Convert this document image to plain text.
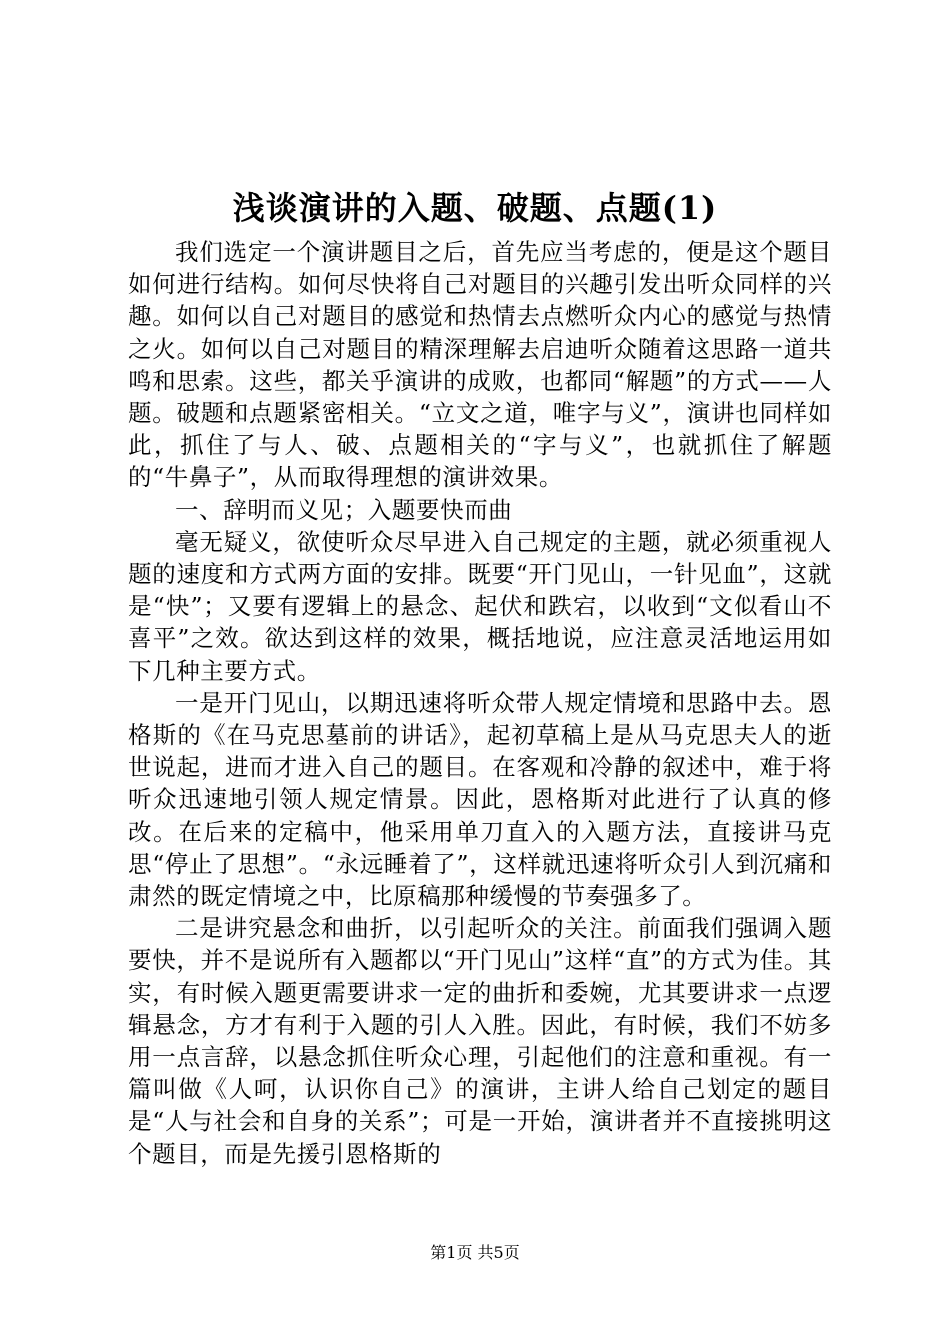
浅谈演讲的入题、破题、点题(1)

我们选定一个演讲题目之后，首先应当考虑的，便是这个题目如何进行结构。如何尽快将自己对题目的兴趣引发出听众同样的兴趣。如何以自己对题目的感觉和热情去点燃听众内心的感觉与热情之火。如何以自己对题目的精深理解去启迪听众随着这思路一道共鸣和思索。这些，都关乎演讲的成败，也都同“解题”的方式——人题。破题和点题紧密相关。“立文之道，唯字与义”，演讲也同样如此，抓住了与人、破、点题相关的“字与义”，也就抓住了解题的“牛鼻子”，从而取得理想的演讲效果。

一、辞明而义见；入题要快而曲

毫无疑义，欲使听众尽早进入自己规定的主题，就必须重视人题的速度和方式两方面的安排。既要“开门见山，一针见血”，这就是“快”；又要有逻辑上的悬念、起伏和跌宕，以收到“文似看山不喜平”之效。欲达到这样的效果，概括地说，应注意灵活地运用如下几种主要方式。

一是开门见山，以期迅速将听众带人规定情境和思路中去。恩格斯的《在马克思墓前的讲话》，起初草稿上是从马克思夫人的逝世说起，进而才进入自己的题目。在客观和冷静的叙述中，难于将听众迅速地引领人规定情景。因此，恩格斯对此进行了认真的修改。在后来的定稿中，他采用单刀直入的入题方法，直接讲马克思“停止了思想”。“永远睡着了”，这样就迅速将听众引人到沉痛和肃然的既定情境之中，比原稿那种缓慢的节奏强多了。

二是讲究悬念和曲折，以引起听众的关注。前面我们强调入题要快，并不是说所有入题都以“开门见山”这样“直”的方式为佳。其实，有时候入题更需要讲求一定的曲折和委婉，尤其要讲求一点逻辑悬念，方才有利于入题的引人入胜。因此，有时候，我们不妨多用一点言辞，以悬念抓住听众心理，引起他们的注意和重视。有一篇叫做《人呵，认识你自己》的演讲，主讲人给自己划定的题目是“人与社会和自身的关系”；可是一开始，演讲者并不直接挑明这个题目，而是先援引恩格斯的

第1页 共5页
